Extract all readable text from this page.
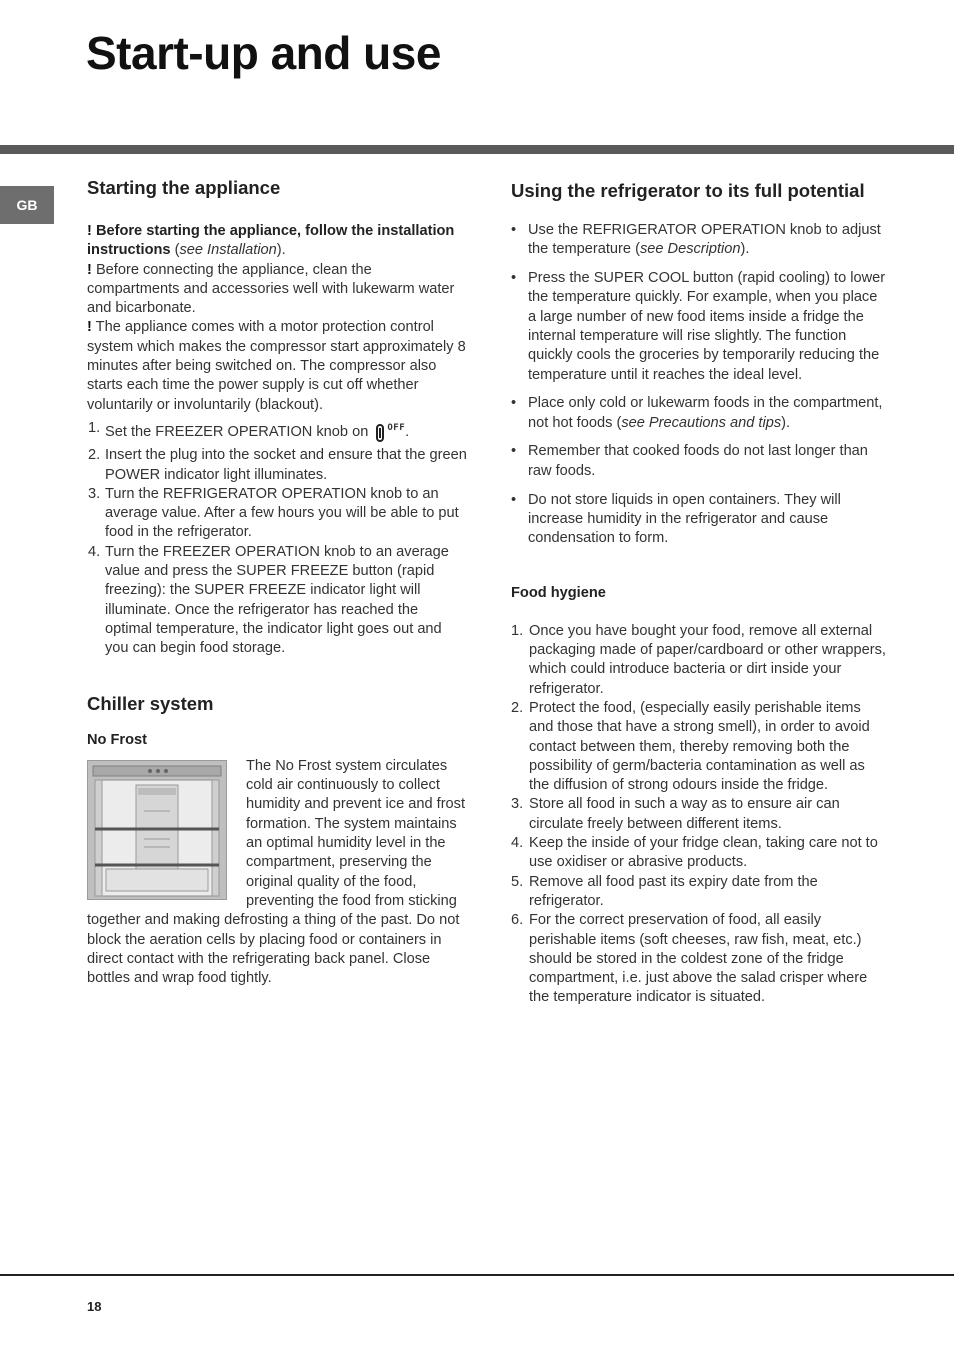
Start-up and use
GB
Starting the appliance

! Before starting the appliance, follow the installation instructions (see Installation).

! Before connecting the appliance, clean the compartments and accessories well with lukewarm water and bicarbonate.

! The appliance comes with a motor protection control system which makes the compressor start approximately 8 minutes after being switched on. The compressor also starts each time the power supply is cut off whether voluntarily or involuntarily (blackout).

1. Set the FREEZER OPERATION knob on $^{OFF}$.
2. Insert the plug into the socket and ensure that the green POWER indicator light illuminates.
3. Turn the REFRIGERATOR OPERATION knob to an average value. After a few hours you will be able to put food in the refrigerator.
4. Turn the FREEZER OPERATION knob to an average value and press the SUPER FREEZE button (rapid freezing): the SUPER FREEZE indicator light will illuminate. Once the refrigerator has reached the optimal temperature, the indicator light goes out and you can begin food storage.
Chiller system
No Frost

The No Frost system circulates cold air continuously to collect humidity and prevent ice and frost formation. The system maintains an optimal humidity level in the compartment, preserving the original quality of the food, preventing the food from sticking together and making defrosting a thing of the past. Do not block the aeration cells by placing food or containers in direct contact with the refrigerating back panel. Close bottles and wrap food tightly.

Using the refrigerator to its full potential
• Use the REFRIGERATOR OPERATION knob to adjust the temperature (see Description).
• Press the SUPER COOL button (rapid cooling) to lower the temperature quickly. For example, when you place a large number of new food items inside a fridge the internal temperature will rise slightly. The function quickly cools the groceries by temporarily reducing the temperature until it reaches the ideal level.
• Place only cold or lukewarm foods in the compartment, not hot foods (see Precautions and tips).
• Remember that cooked foods do not last longer than raw foods.
• Do not store liquids in open containers. They will increase humidity in the refrigerator and cause condensation to form.
Food hygiene
1. Once you have bought your food, remove all external packaging made of paper/cardboard or other wrappers, which could introduce bacteria or dirt inside your refrigerator.
2. Protect the food, (especially easily perishable items and those that have a strong smell), in order to avoid contact between them, thereby removing both the possibility of germ/bacteria contamination as well as the diffusion of strong odours inside the fridge.
3. Store all food in such a way as to ensure air can circulate freely between different items.
4. Keep the inside of your fridge clean, taking care not to use oxidiser or abrasive products.
5. Remove all food past its expiry date from the refrigerator.
6. For the correct preservation of food, all easily perishable items (soft cheeses, raw fish, meat, etc.) should be stored in the coldest zone of the fridge compartment, i.e. just above the salad crisper where the temperature indicator is situated.
18
